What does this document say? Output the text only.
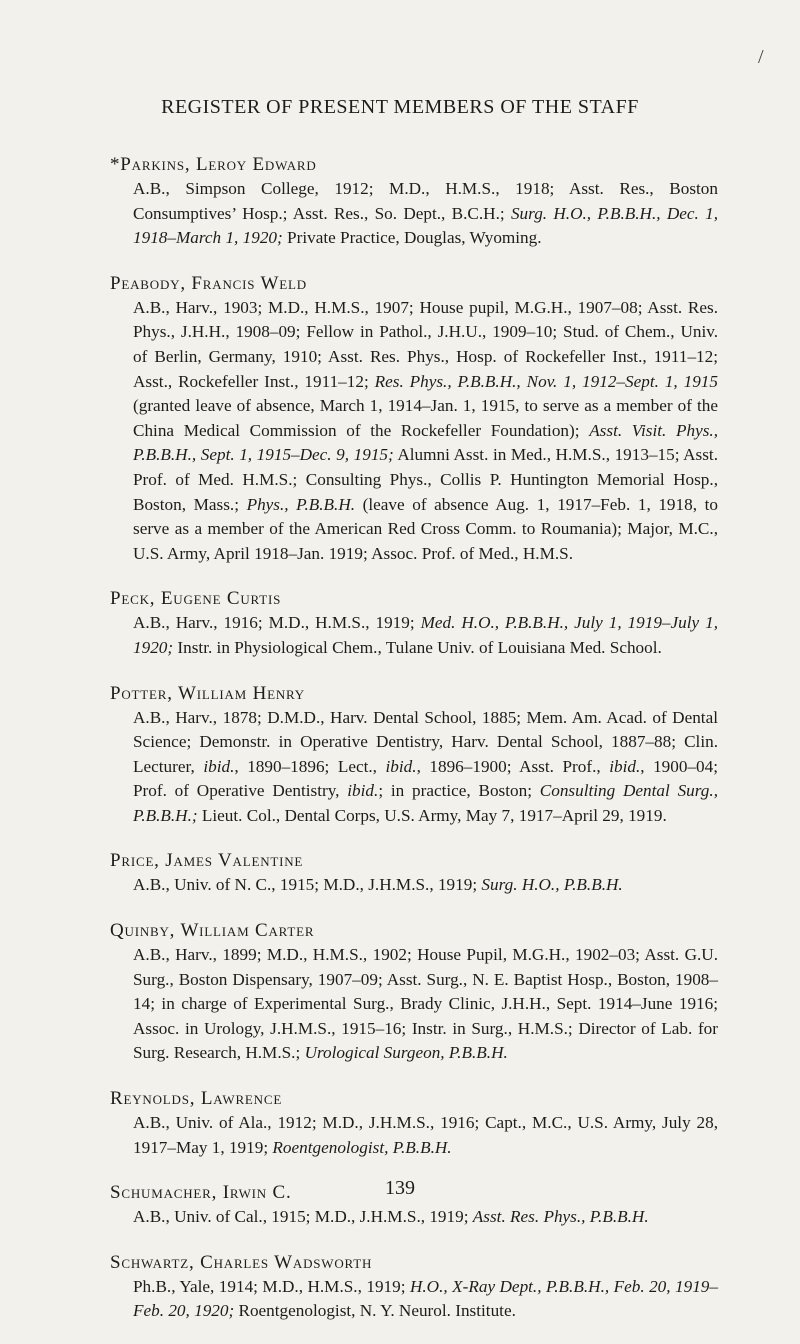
/
REGISTER OF PRESENT MEMBERS OF THE STAFF
*Parkins, Leroy Edward
A.B., Simpson College, 1912; M.D., H.M.S., 1918; Asst. Res., Boston Consumptives’ Hosp.; Asst. Res., So. Dept., B.C.H.; Surg. H.O., P.B.B.H., Dec. 1, 1918–March 1, 1920; Private Practice, Douglas, Wyoming.
Peabody, Francis Weld
A.B., Harv., 1903; M.D., H.M.S., 1907; House pupil, M.G.H., 1907–08; Asst. Res. Phys., J.H.H., 1908–09; Fellow in Pathol., J.H.U., 1909–10; Stud. of Chem., Univ. of Berlin, Germany, 1910; Asst. Res. Phys., Hosp. of Rockefeller Inst., 1911–12; Asst., Rockefeller Inst., 1911–12; Res. Phys., P.B.B.H., Nov. 1, 1912–Sept. 1, 1915 (granted leave of absence, March 1, 1914–Jan. 1, 1915, to serve as a member of the China Medical Commission of the Rockefeller Foundation); Asst. Visit. Phys., P.B.B.H., Sept. 1, 1915–Dec. 9, 1915; Alumni Asst. in Med., H.M.S., 1913–15; Asst. Prof. of Med. H.M.S.; Consulting Phys., Collis P. Huntington Memorial Hosp., Boston, Mass.; Phys., P.B.B.H. (leave of absence Aug. 1, 1917–Feb. 1, 1918, to serve as a member of the American Red Cross Comm. to Roumania); Major, M.C., U.S. Army, April 1918–Jan. 1919; Assoc. Prof. of Med., H.M.S.
Peck, Eugene Curtis
A.B., Harv., 1916; M.D., H.M.S., 1919; Med. H.O., P.B.B.H., July 1, 1919–July 1, 1920; Instr. in Physiological Chem., Tulane Univ. of Louisiana Med. School.
Potter, William Henry
A.B., Harv., 1878; D.M.D., Harv. Dental School, 1885; Mem. Am. Acad. of Dental Science; Demonstr. in Operative Dentistry, Harv. Dental School, 1887–88; Clin. Lecturer, ibid., 1890–1896; Lect., ibid., 1896–1900; Asst. Prof., ibid., 1900–04; Prof. of Operative Dentistry, ibid.; in practice, Boston; Consulting Dental Surg., P.B.B.H.; Lieut. Col., Dental Corps, U.S. Army, May 7, 1917–April 29, 1919.
Price, James Valentine
A.B., Univ. of N. C., 1915; M.D., J.H.M.S., 1919; Surg. H.O., P.B.B.H.
Quinby, William Carter
A.B., Harv., 1899; M.D., H.M.S., 1902; House Pupil, M.G.H., 1902–03; Asst. G.U. Surg., Boston Dispensary, 1907–09; Asst. Surg., N. E. Baptist Hosp., Boston, 1908–14; in charge of Experimental Surg., Brady Clinic, J.H.H., Sept. 1914–June 1916; Assoc. in Urology, J.H.M.S., 1915–16; Instr. in Surg., H.M.S.; Director of Lab. for Surg. Research, H.M.S.; Urological Surgeon, P.B.B.H.
Reynolds, Lawrence
A.B., Univ. of Ala., 1912; M.D., J.H.M.S., 1916; Capt., M.C., U.S. Army, July 28, 1917–May 1, 1919; Roentgenologist, P.B.B.H.
Schumacher, Irwin C.
A.B., Univ. of Cal., 1915; M.D., J.H.M.S., 1919; Asst. Res. Phys., P.B.B.H.
Schwartz, Charles Wadsworth
Ph.B., Yale, 1914; M.D., H.M.S., 1919; H.O., X-Ray Dept., P.B.B.H., Feb. 20, 1919–Feb. 20, 1920; Roentgenologist, N. Y. Neurol. Institute.
139
